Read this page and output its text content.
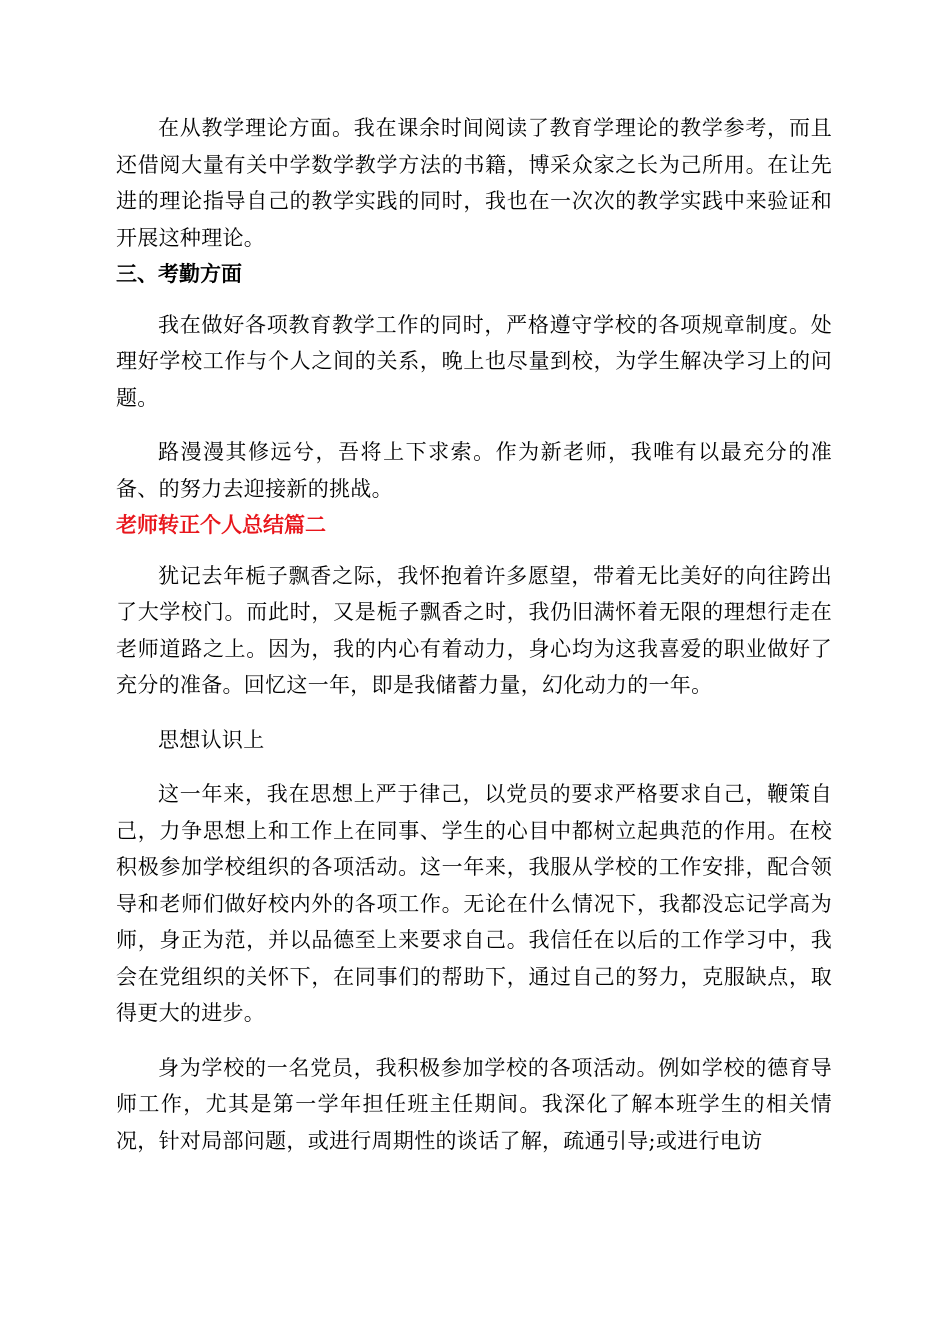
在从教学理论方面。我在课余时间阅读了教育学理论的教学参考，而且还借阅大量有关中学数学教学方法的书籍，博采众家之长为己所用。在让先进的理论指导自己的教学实践的同时，我也在一次次的教学实践中来验证和开展这种理论。

三、考勤方面

我在做好各项教育教学工作的同时，严格遵守学校的各项规章制度。处理好学校工作与个人之间的关系，晚上也尽量到校，为学生解决学习上的问题。

路漫漫其修远兮，吾将上下求索。作为新老师，我唯有以最充分的准备、的努力去迎接新的挑战。

老师转正个人总结篇二

犹记去年栀子飘香之际，我怀抱着许多愿望，带着无比美好的向往跨出了大学校门。而此时，又是栀子飘香之时，我仍旧满怀着无限的理想行走在老师道路之上。因为，我的内心有着动力，身心均为这我喜爱的职业做好了充分的准备。回忆这一年，即是我储蓄力量，幻化动力的一年。

思想认识上

这一年来，我在思想上严于律己，以党员的要求严格要求自己，鞭策自己，力争思想上和工作上在同事、学生的心目中都树立起典范的作用。在校积极参加学校组织的各项活动。这一年来，我服从学校的工作安排，配合领导和老师们做好校内外的各项工作。无论在什么情况下，我都没忘记学高为师，身正为范，并以品德至上来要求自己。我信任在以后的工作学习中，我会在党组织的关怀下，在同事们的帮助下，通过自己的努力，克服缺点，取得更大的进步。

身为学校的一名党员，我积极参加学校的各项活动。例如学校的德育导师工作，尤其是第一学年担任班主任期间。我深化了解本班学生的相关情况，针对局部问题，或进行周期性的谈话了解，疏通引导;或进行电访
